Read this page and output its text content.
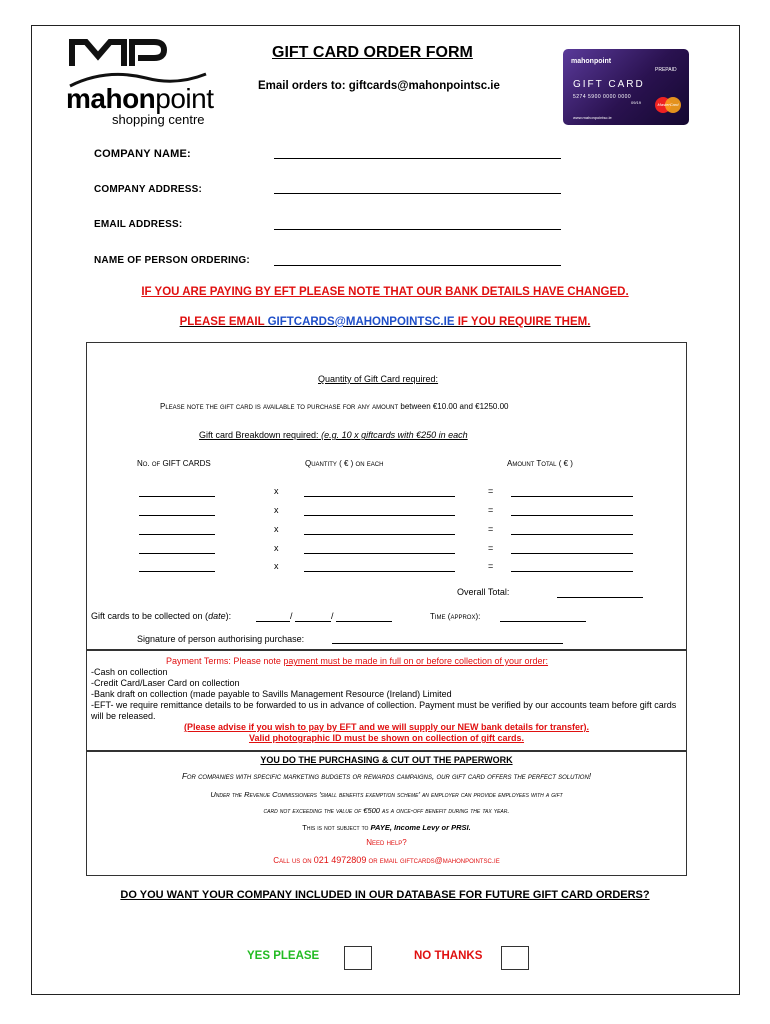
mahonpoint
shopping centre
GIFT CARD ORDER FORM
Email orders to: giftcards@mahonpointsc.ie
mahonpoint
PREPAID
GIFT CARD
5274 5900 0000 0000
09/19	MasterCard
www.mahonpointsc.ie
COMPANY NAME:
COMPANY ADDRESS:
EMAIL ADDRESS:
NAME OF PERSON ORDERING:
IF YOU ARE PAYING BY EFT PLEASE NOTE THAT OUR BANK DETAILS HAVE CHANGED.
PLEASE EMAIL GIFTCARDS@MAHONPOINTSC.IE IF YOU REQUIRE THEM.
Quantity of Gift Card required:
Please note the gift card is available to purchase for any amount between €10.00 and €1250.00
Gift card Breakdown required: (e.g. 10 x giftcards with €250 in each
No. of GIFT CARDS	Quantity ( € ) on each	Amount Total ( € )
x	=
x	=
x	=
x	=
x	=
Overall Total:
Gift cards to be collected on (date):	/	/	Time (approx):
Signature of person authorising purchase:
Payment Terms: Please note payment must be made in full on or before collection of your order:
-Cash on collection
-Credit Card/Laser Card on collection
-Bank draft on collection (made payable to Savills Management Resource (Ireland) Limited
-EFT- we require remittance details to be forwarded to us in advance of collection. Payment must be verified by our accounts team before gift cards will be released.
(Please advise if you wish to pay by EFT and we will supply our NEW bank details for transfer).
Valid photographic ID must be shown on collection of gift cards.
YOU DO THE PURCHASING & CUT OUT THE PAPERWORK
For companies with specific marketing budgets or rewards campaigns, our gift card offers the perfect solution!
Under the Revenue Commissioners 'small benefits exemption scheme' an employer can provide employees with a gift
card not exceeding the value of €500 as a once-off benefit during the tax year.
This is not subject to PAYE, Income Levy or PRSI.
Need help?
Call us on 021 4972809 or email giftcards@mahonpointsc.ie
DO YOU WANT YOUR COMPANY INCLUDED IN OUR DATABASE FOR FUTURE GIFT CARD ORDERS?
YES PLEASE	NO THANKS
